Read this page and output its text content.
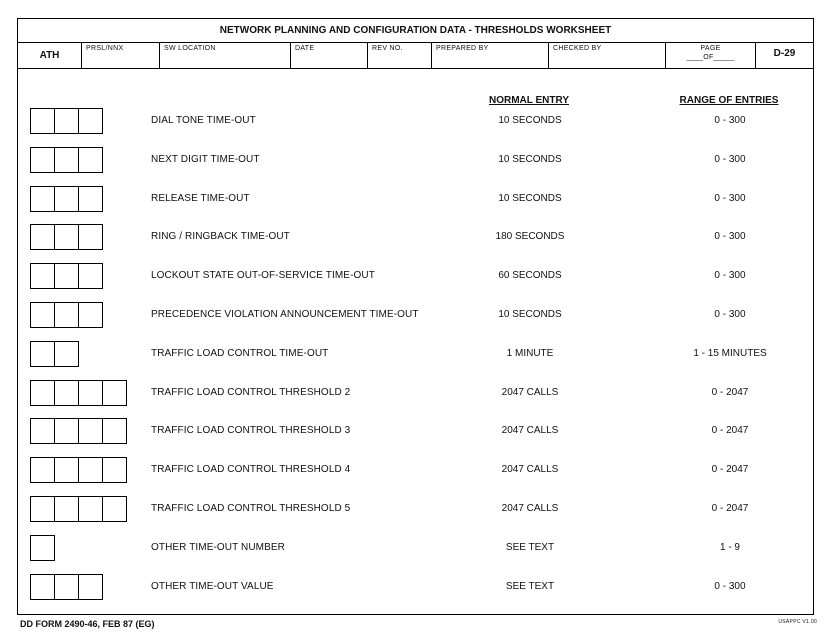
NETWORK PLANNING AND CONFIGURATION DATA - THRESHOLDS WORKSHEET
ATH
PRSL/NNX	SW LOCATION	DATE	REV NO.	PREPARED BY	CHECKED BY	PAGE
____OF_____	D-29
NORMAL ENTRY	RANGE OF ENTRIES
DIAL TONE TIME-OUT	10 SECONDS	0 - 300
NEXT DIGIT TIME-OUT	10 SECONDS	0 - 300
RELEASE TIME-OUT	10 SECONDS	0 - 300
RING / RINGBACK TIME-OUT	180 SECONDS	0 - 300
LOCKOUT STATE OUT-OF-SERVICE TIME-OUT	60 SECONDS	0 - 300
PRECEDENCE VIOLATION ANNOUNCEMENT TIME-OUT	10 SECONDS	0 - 300
TRAFFIC LOAD CONTROL TIME-OUT	1 MINUTE	1 - 15 MINUTES
TRAFFIC LOAD CONTROL THRESHOLD 2	2047 CALLS	0 - 2047
TRAFFIC LOAD CONTROL THRESHOLD 3	2047 CALLS	0 - 2047
TRAFFIC LOAD CONTROL THRESHOLD 4	2047 CALLS	0 - 2047
TRAFFIC LOAD CONTROL THRESHOLD 5	2047 CALLS	0 - 2047
OTHER TIME-OUT NUMBER	SEE TEXT	1 - 9
OTHER TIME-OUT VALUE	SEE TEXT	0 - 300
DD FORM 2490-46, FEB 87 (EG)	USAPPC V1.00
